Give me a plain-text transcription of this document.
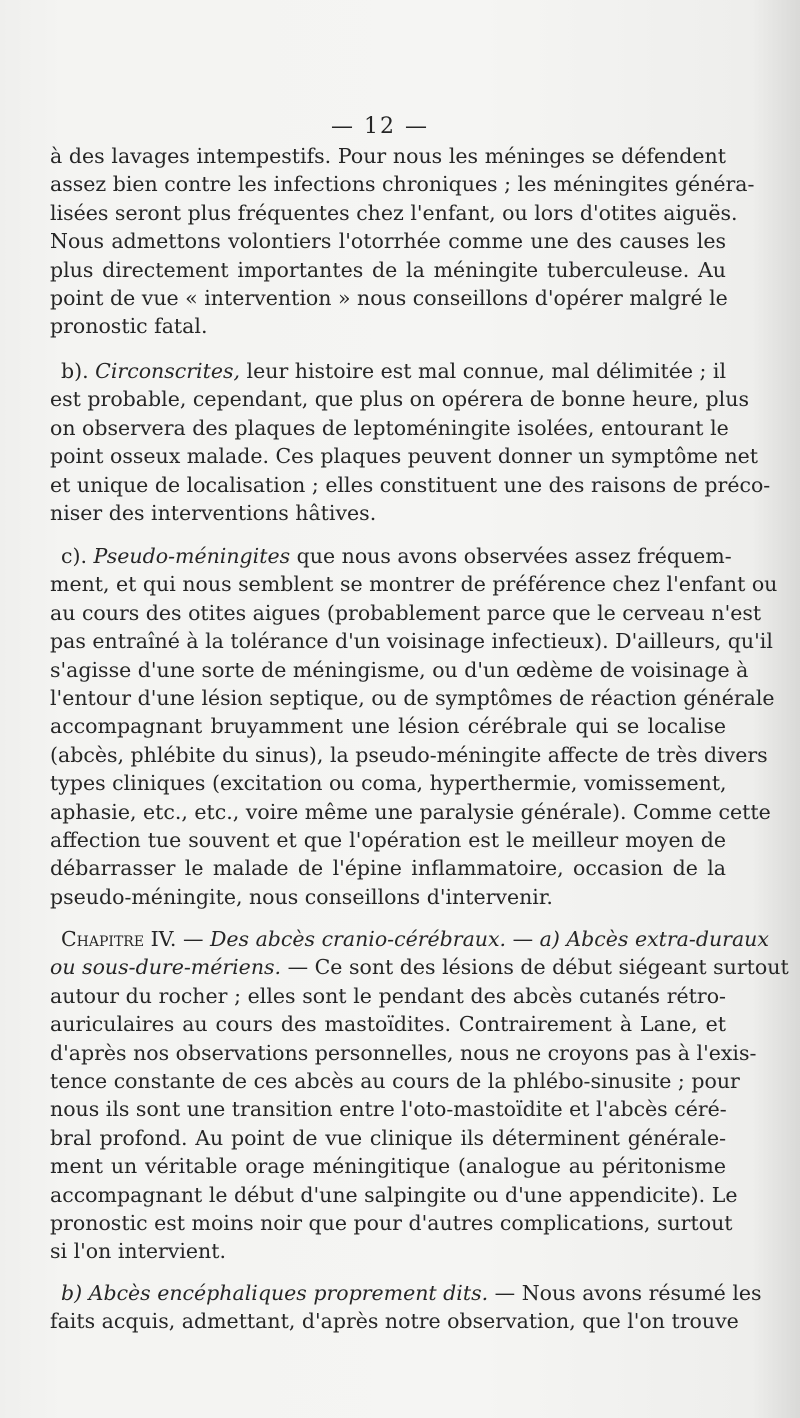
— 12 —
à des lavages intempestifs. Pour nous les méninges se défendent
assez bien contre les infections chroniques ; les méningites généra-
lisées seront plus fréquentes chez l'enfant, ou lors d'otites aiguës.
Nous admettons volontiers l'otorrhée comme une des causes les
plus directement importantes de la méningite tuberculeuse. Au
point de vue « intervention » nous conseillons d'opérer malgré le
pronostic fatal.
b). Circonscrites, leur histoire est mal connue, mal délimitée ; il
est probable, cependant, que plus on opérera de bonne heure, plus
on observera des plaques de leptoméningite isolées, entourant le
point osseux malade. Ces plaques peuvent donner un symptôme net
et unique de localisation ; elles constituent une des raisons de préco-
niser des interventions hâtives.
c). Pseudo-méningites que nous avons observées assez fréquem-
ment, et qui nous semblent se montrer de préférence chez l'enfant ou
au cours des otites aigues (probablement parce que le cerveau n'est
pas entraîné à la tolérance d'un voisinage infectieux). D'ailleurs, qu'il
s'agisse d'une sorte de méningisme, ou d'un œdème de voisinage à
l'entour d'une lésion septique, ou de symptômes de réaction générale
accompagnant bruyamment une lésion cérébrale qui se localise
(abcès, phlébite du sinus), la pseudo-méningite affecte de très divers
types cliniques (excitation ou coma, hyperthermie, vomissement,
aphasie, etc., etc., voire même une paralysie générale). Comme cette
affection tue souvent et que l'opération est le meilleur moyen de
débarrasser le malade de l'épine inflammatoire, occasion de la
pseudo-méningite, nous conseillons d'intervenir.
Chapitre IV. — Des abcès cranio-cérébraux. — a) Abcès extra-duraux
ou sous-dure-mériens. — Ce sont des lésions de début siégeant surtout
autour du rocher ; elles sont le pendant des abcès cutanés rétro-
auriculaires au cours des mastoïdites. Contrairement à Lane, et
d'après nos observations personnelles, nous ne croyons pas à l'exis-
tence constante de ces abcès au cours de la phlébo-sinusite ; pour
nous ils sont une transition entre l'oto-mastoïdite et l'abcès céré-
bral profond. Au point de vue clinique ils déterminent générale-
ment un véritable orage méningitique (analogue au péritonisme
accompagnant le début d'une salpingite ou d'une appendicite). Le
pronostic est moins noir que pour d'autres complications, surtout
si l'on intervient.
b) Abcès encéphaliques proprement dits. — Nous avons résumé les
faits acquis, admettant, d'après notre observation, que l'on trouve
